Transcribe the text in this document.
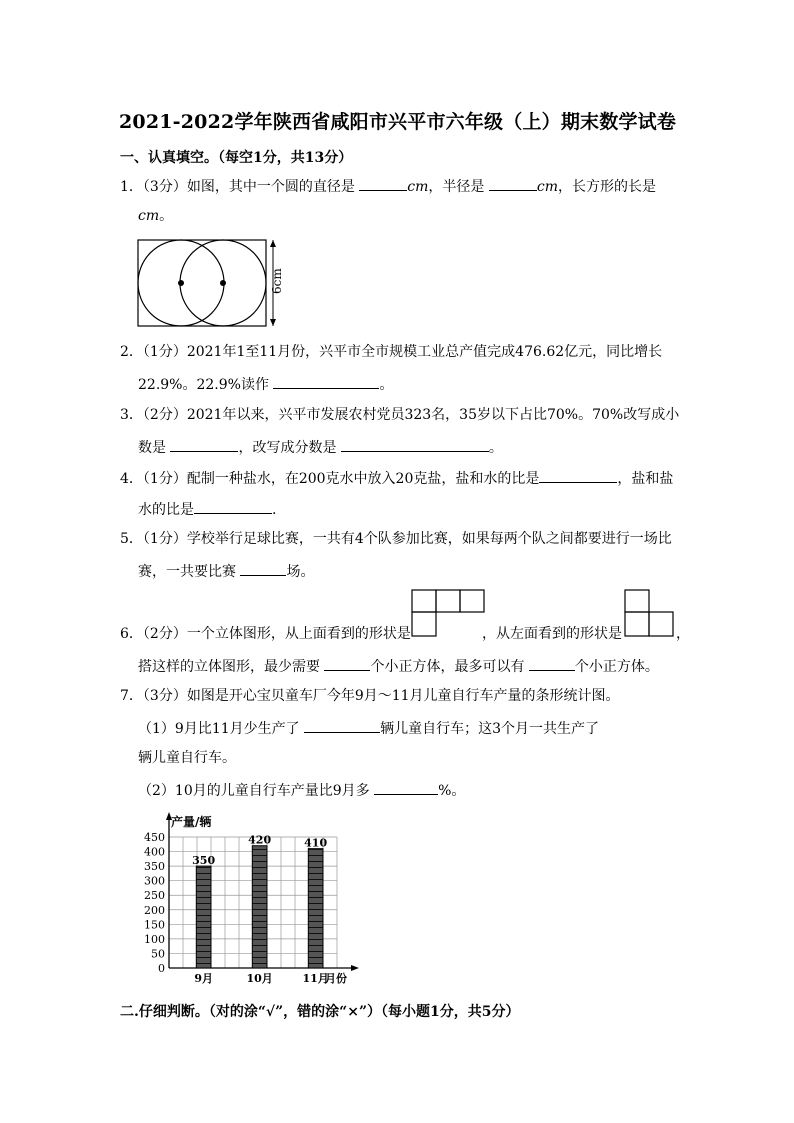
2021-2022学年陕西省咸阳市兴平市六年级（上）期末数学试卷
一、认真填空。（每空1分，共13分）
1．（3分）如图，其中一个圆的直径是	cm，半径是	cm，长方形的长是
cm。
6cm
2．（1分）2021年1至11月份，兴平市全市规模工业总产值完成476.62亿元，同比增长
22.9%。22.9%读作	。
3．（2分）2021年以来，兴平市发展农村党员323名，35岁以下占比70%。70%改写成小
数是	，改写成分数是	。
4．（1分）配制一种盐水，在200克水中放入20克盐，盐和水的比是	，盐和盐
水的比是	.
5．（1分）学校举行足球比赛，一共有4个队参加比赛，如果每两个队之间都要进行一场比
赛，一共要比赛	场。
6．（2分）一个立体图形，从上面看到的形状是	，从左面看到的形状是	，
搭这样的立体图形，最少需要	个小正方体，最多可以有	个小正方体。
7．（3分）如图是开心宝贝童车厂今年9月～11月儿童自行车产量的条形统计图。
（1）9月比11月少生产了	辆儿童自行车；这3个月一共生产了
辆儿童自行车。
（2）10月的儿童自行车产量比9月多	%。
0
50
100
150
200
250
300
350
400
450
产量/辆
350
9月
420
10月
410
11月
月份
二.仔细判断。（对的涂“√”，错的涂“×”）（每小题1分，共5分）
